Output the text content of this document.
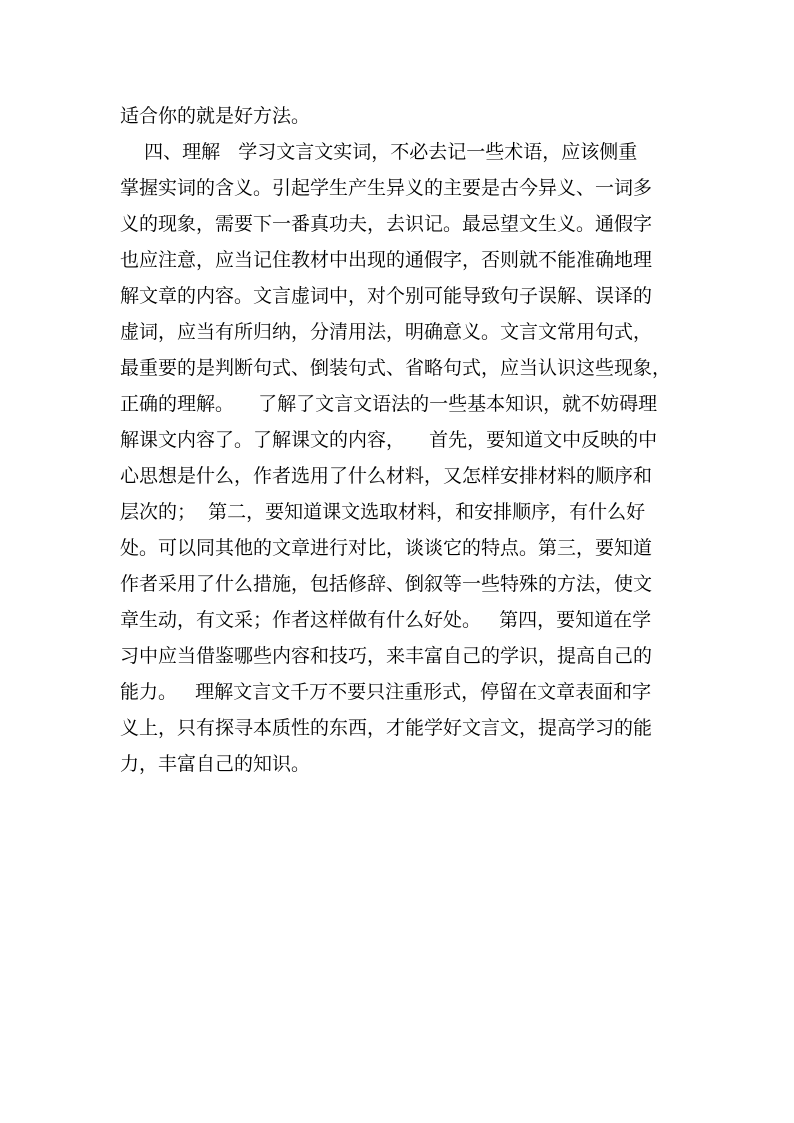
适合你的就是好方法。
四、理解   学习文言文实词，不必去记一些术语，应该侧重
掌握实词的含义。引起学生产生异义的主要是古今异义、一词多
义的现象，需要下一番真功夫，去识记。最忌望文生义。通假字
也应注意，应当记住教材中出现的通假字，否则就不能准确地理
解文章的内容。文言虚词中，对个别可能导致句子误解、误译的
虚词，应当有所归纳，分清用法，明确意义。文言文常用句式，
最重要的是判断句式、倒装句式、省略句式，应当认识这些现象，
正确的理解。    了解了文言文语法的一些基本知识，就不妨碍理
解课文内容了。了解课文的内容，    首先，要知道文中反映的中
心思想是什么，作者选用了什么材料，又怎样安排材料的顺序和
层次的；  第二，要知道课文选取材料，和安排顺序，有什么好
处。可以同其他的文章进行对比，谈谈它的特点。第三，要知道
作者采用了什么措施，包括修辞、倒叙等一些特殊的方法，使文
章生动，有文采；作者这样做有什么好处。   第四，要知道在学
习中应当借鉴哪些内容和技巧，来丰富自己的学识，提高自己的
能力。   理解文言文千万不要只注重形式，停留在文章表面和字
义上，只有探寻本质性的东西，才能学好文言文，提高学习的能
力，丰富自己的知识。
